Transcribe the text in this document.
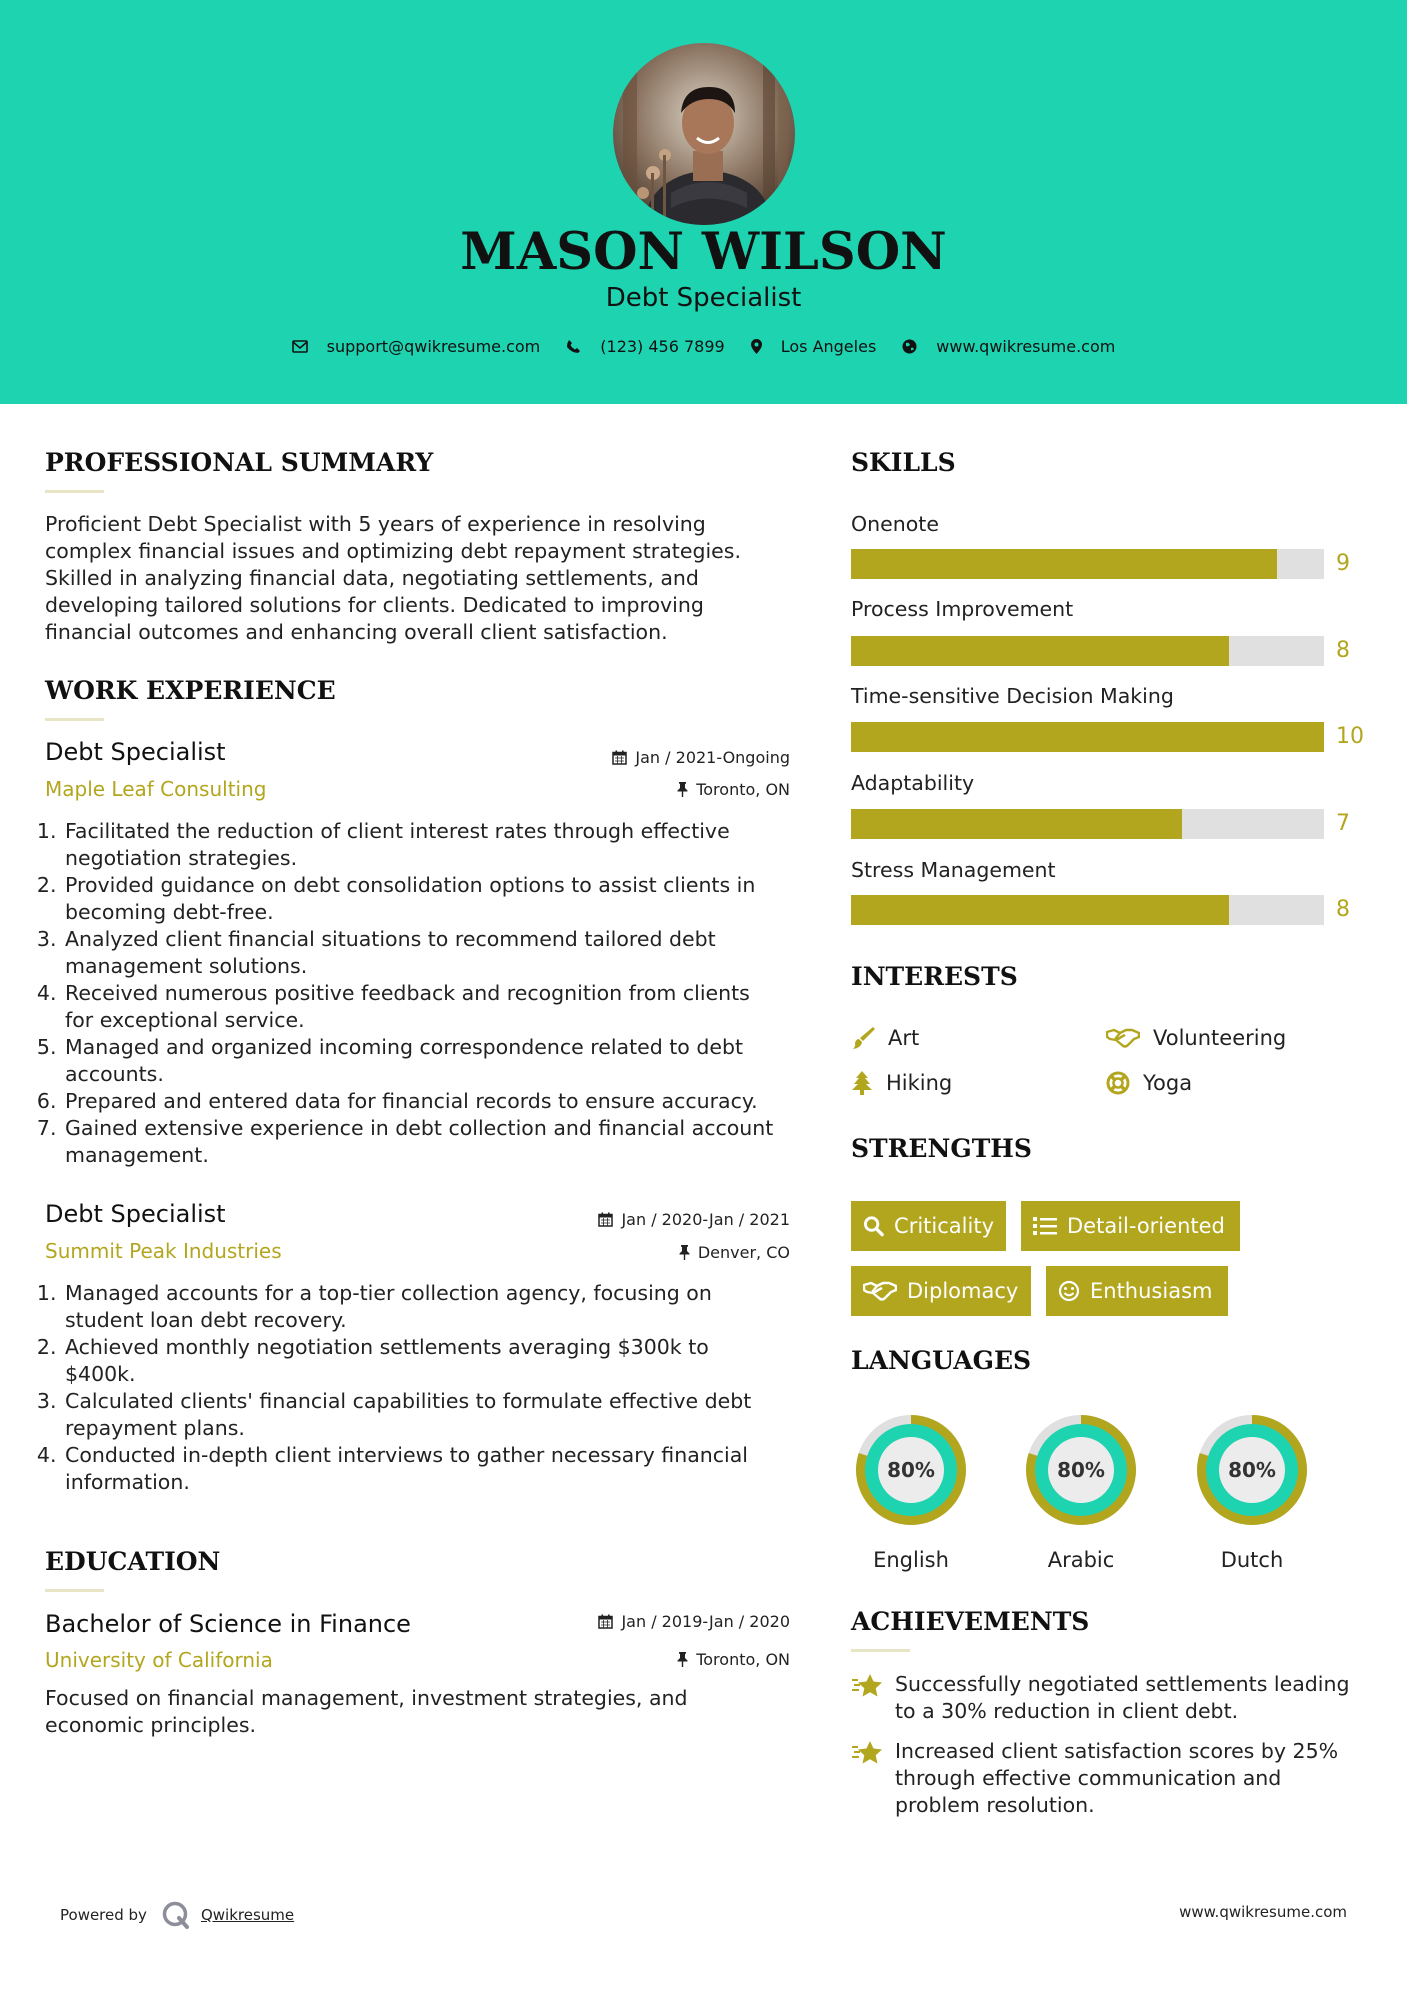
MASON WILSON
Debt Specialist
support@qwikresume.com	(123) 456 7899	Los Angeles	www.qwikresume.com
PROFESSIONAL SUMMARY
Proficient Debt Specialist with 5 years of experience in resolving
complex financial issues and optimizing debt repayment strategies.
Skilled in analyzing financial data, negotiating settlements, and
developing tailored solutions for clients. Dedicated to improving
financial outcomes and enhancing overall client satisfaction.
WORK EXPERIENCE
Debt Specialist	Jan / 2021-Ongoing
Maple Leaf Consulting	Toronto, ON
1. Facilitated the reduction of client interest rates through effective
negotiation strategies.
2. Provided guidance on debt consolidation options to assist clients in
becoming debt-free.
3. Analyzed client financial situations to recommend tailored debt
management solutions.
4. Received numerous positive feedback and recognition from clients
for exceptional service.
5. Managed and organized incoming correspondence related to debt
accounts.
6. Prepared and entered data for financial records to ensure accuracy.
7. Gained extensive experience in debt collection and financial account
management.
Debt Specialist	Jan / 2020-Jan / 2021
Summit Peak Industries	Denver, CO
1. Managed accounts for a top-tier collection agency, focusing on
student loan debt recovery.
2. Achieved monthly negotiation settlements averaging $300k to
$400k.
3. Calculated clients' financial capabilities to formulate effective debt
repayment plans.
4. Conducted in-depth client interviews to gather necessary financial
information.
EDUCATION
Bachelor of Science in Finance	Jan / 2019-Jan / 2020
University of California	Toronto, ON
Focused on financial management, investment strategies, and
economic principles.
SKILLS
Onenote
9
Process Improvement
8
Time-sensitive Decision Making
10
Adaptability
7
Stress Management
8
INTERESTS
Art	Volunteering
Hiking	Yoga
STRENGTHS
Criticality	Detail-oriented
Diplomacy	Enthusiasm
LANGUAGES
80%
English
80%
Arabic
80%
Dutch
ACHIEVEMENTS
Successfully negotiated settlements leading
to a 30% reduction in client debt.
Increased client satisfaction scores by 25%
through effective communication and
problem resolution.
Powered by	Qwikresume	www.qwikresume.com
